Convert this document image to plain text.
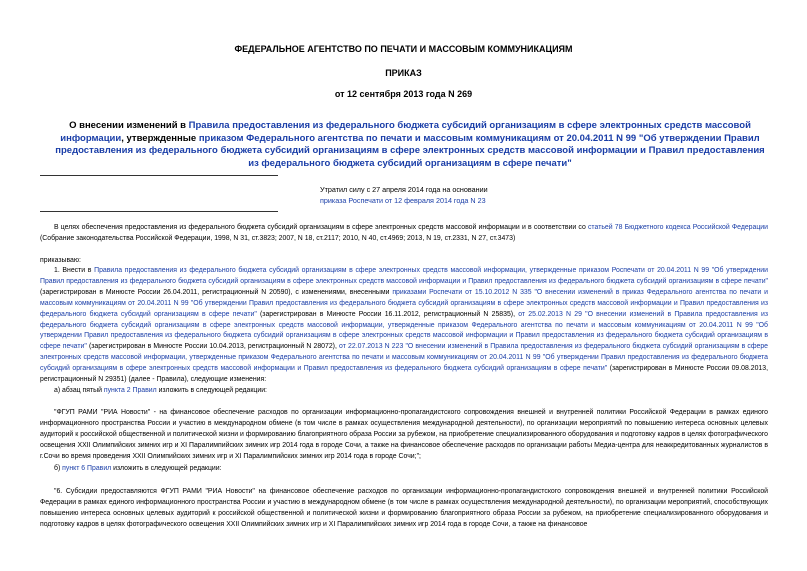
ФЕДЕРАЛЬНОЕ АГЕНТСТВО ПО ПЕЧАТИ И МАССОВЫМ КОММУНИКАЦИЯМ
ПРИКАЗ
от 12 сентября 2013 года N 269
О внесении изменений в Правила предоставления из федерального бюджета субсидий организациям в сфере электронных средств массовой информации, утвержденные приказом Федерального агентства по печати и массовым коммуникациям от 20.04.2011 N 99 "Об утверждении Правил предоставления из федерального бюджета субсидий организациям в сфере электронных средств массовой информации и Правил предоставления из федерального бюджета субсидий организациям в сфере печати"
Утратил силу с 27 апреля 2014 года на основании
приказа Роспечати от 12 февраля 2014 года N 23
В целях обеспечения предоставления из федерального бюджета субсидий организациям в сфере электронных средств массовой информации и в соответствии со статьей 78 Бюджетного кодекса Российской Федерации (Собрание законодательства Российской Федерации, 1998, N 31, ст.3823; 2007, N 18, ст.2117; 2010, N 40, ст.4969; 2013, N 19, ст.2331, N 27, ст.3473)
приказываю:
1. Внести в Правила предоставления из федерального бюджета субсидий организациям в сфере электронных средств массовой информации, утвержденные приказом Роспечати от 20.04.2011 N 99 "Об утверждении Правил предоставления из федерального бюджета субсидий организациям в сфере электронных средств массовой информации и Правил предоставления из федерального бюджета субсидий организациям в сфере печати" (зарегистрирован в Минюсте России 26.04.2011, регистрационный N 20590), с изменениями, внесенными приказами Роспечати от 15.10.2012 N 335 "О внесении изменений в приказ Федерального агентства по печати и массовым коммуникациям от 20.04.2011 N 99 "Об утверждении Правил предоставления из федерального бюджета субсидий организациям в сфере электронных средств массовой информации и Правил предоставления из федерального бюджета субсидий организациям в сфере печати" (зарегистрирован в Минюсте России 16.11.2012, регистрационный N 25835), от 25.02.2013 N 29 "О внесении изменений в Правила предоставления из федерального бюджета субсидий организациям в сфере электронных средств массовой информации, утвержденные приказом Федерального агентства по печати и массовым коммуникациям от 20.04.2011 N 99 "Об утверждении Правил предоставления из федерального бюджета субсидий организациям в сфере электронных средств массовой информации и Правил предоставления из федерального бюджета субсидий организациям в сфере печати" (зарегистрирован в Минюсте России 10.04.2013, регистрационный N 28072), от 22.07.2013 N 223 "О внесении изменений в Правила предоставления из федерального бюджета субсидий организациям в сфере электронных средств массовой информации, утвержденные приказом Федерального агентства по печати и массовым коммуникациям от 20.04.2011 N 99 "Об утверждении Правил предоставления из федерального бюджета субсидий организациям в сфере электронных средств массовой информации и Правил предоставления из федерального бюджета субсидий организациям в сфере печати" (зарегистрирован в Минюсте России 09.08.2013, регистрационный N 29351) (далее - Правила), следующие изменения:
а) абзац пятый пункта 2 Правил изложить в следующей редакции:
"ФГУП РАМИ "РИА Новости" - на финансовое обеспечение расходов по организации информационно-пропагандистского сопровождения внешней и внутренней политики Российской Федерации в рамках единого информационного пространства России и участию в международном обмене (в том числе в рамках осуществления международной деятельности), по организации мероприятий по повышению интереса основных целевых аудиторий к российской общественной и политической жизни и формированию благоприятного образа России за рубежом, на приобретение специализированного оборудования и подготовку кадров в целях фотографического освещения XXII Олимпийских зимних игр и XI Паралимпийских зимних игр 2014 года в городе Сочи, а также на финансовое обеспечение расходов по организации работы Медиа-центра для неаккредитованных журналистов в г.Сочи во время проведения XXII Олимпийских зимних игр и XI Паралимпийских зимних игр 2014 года в городе Сочи;";
б) пункт 6 Правил изложить в следующей редакции:
"6. Субсидии предоставляются ФГУП РАМИ "РИА Новости" на финансовое обеспечение расходов по организации информационно-пропагандистского сопровождения внешней и внутренней политики Российской Федерации в рамках единого информационного пространства России и участию в международном обмене (в том числе в рамках осуществления международной деятельности), по организации мероприятий, способствующих повышению интереса основных целевых аудиторий к российской общественной и политической жизни и формированию благоприятного образа России за рубежом, на приобретение специализированного оборудования и подготовку кадров в целях фотографического освещения XXII Олимпийских зимних игр и XI Паралимпийских зимних игр 2014 года в городе Сочи, а также на финансовое
